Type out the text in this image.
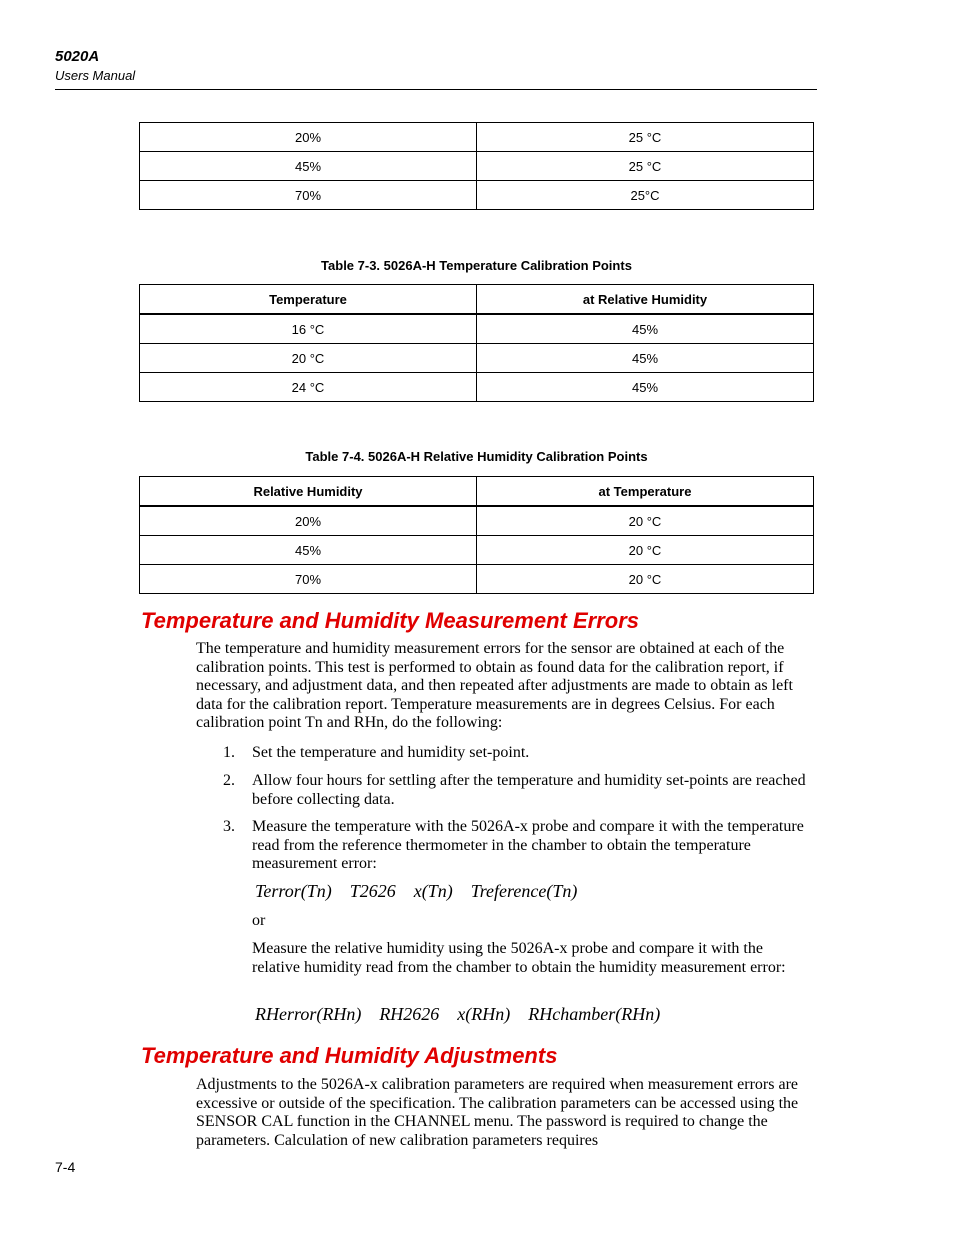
5020A
Users Manual
20%	25 °C
45%	25 °C
70%	25°C
Table 7-3. 5026A-H Temperature Calibration Points
Temperature	at Relative Humidity
16 °C	45%
20 °C	45%
24 °C	45%
Table 7-4. 5026A-H Relative Humidity Calibration Points
Relative Humidity	at Temperature
20%	20 °C
45%	20 °C
70%	20 °C
Temperature and Humidity Measurement Errors
The temperature and humidity measurement errors for the sensor are obtained at each of the calibration points. This test is performed to obtain as found data for the calibration report, if necessary, and adjustment data, and then repeated after adjustments are made to obtain as left data for the calibration report. Temperature measurements are in degrees Celsius. For each calibration point Tn and RHn, do the following:
1. Set the temperature and humidity set-point.
2. Allow four hours for settling after the temperature and humidity set-points are reached before collecting data.
3. Measure the temperature with the 5026A-x probe and compare it with the temperature read from the reference thermometer in the chamber to obtain the temperature measurement error:
Terror(Tn)    T2626    x(Tn)    Treference(Tn)
or
Measure the relative humidity using the 5026A-x probe and compare it with the relative humidity read from the chamber to obtain the humidity measurement error:
RHerror(RHn)    RH2626    x(RHn)    RHchamber(RHn)
Temperature and Humidity Adjustments
Adjustments to the 5026A-x calibration parameters are required when measurement errors are excessive or outside of the specification. The calibration parameters can be accessed using the SENSOR CAL function in the CHANNEL menu. The password is required to change the parameters. Calculation of new calibration parameters requires
7-4
